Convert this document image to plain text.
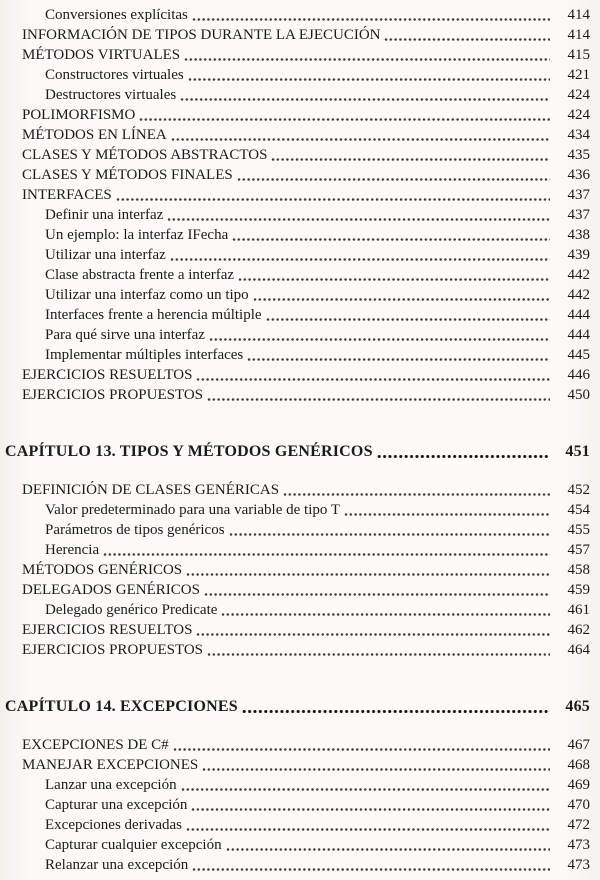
Conversiones explícitas	414
INFORMACIÓN DE TIPOS DURANTE LA EJECUCIÓN	414
MÉTODOS VIRTUALES	415
Constructores virtuales	421
Destructores virtuales	424
POLIMORFISMO	424
MÉTODOS EN LÍNEA	434
CLASES Y MÉTODOS ABSTRACTOS	435
CLASES Y MÉTODOS FINALES	436
INTERFACES	437
Definir una interfaz	437
Un ejemplo: la interfaz IFecha	438
Utilizar una interfaz	439
Clase abstracta frente a interfaz	442
Utilizar una interfaz como un tipo	442
Interfaces frente a herencia múltiple	444
Para qué sirve una interfaz	444
Implementar múltiples interfaces	445
EJERCICIOS RESUELTOS	446
EJERCICIOS PROPUESTOS	450
CAPÍTULO 13. TIPOS Y MÉTODOS GENÉRICOS	451
DEFINICIÓN DE CLASES GENÉRICAS	452
Valor predeterminado para una variable de tipo T	454
Parámetros de tipos genéricos	455
Herencia	457
MÉTODOS GENÉRICOS	458
DELEGADOS GENÉRICOS	459
Delegado genérico Predicate	461
EJERCICIOS RESUELTOS	462
EJERCICIOS PROPUESTOS	464
CAPÍTULO 14. EXCEPCIONES	465
EXCEPCIONES DE C#	467
MANEJAR EXCEPCIONES	468
Lanzar una excepción	469
Capturar una excepción	470
Excepciones derivadas	472
Capturar cualquier excepción	473
Relanzar una excepción	473
